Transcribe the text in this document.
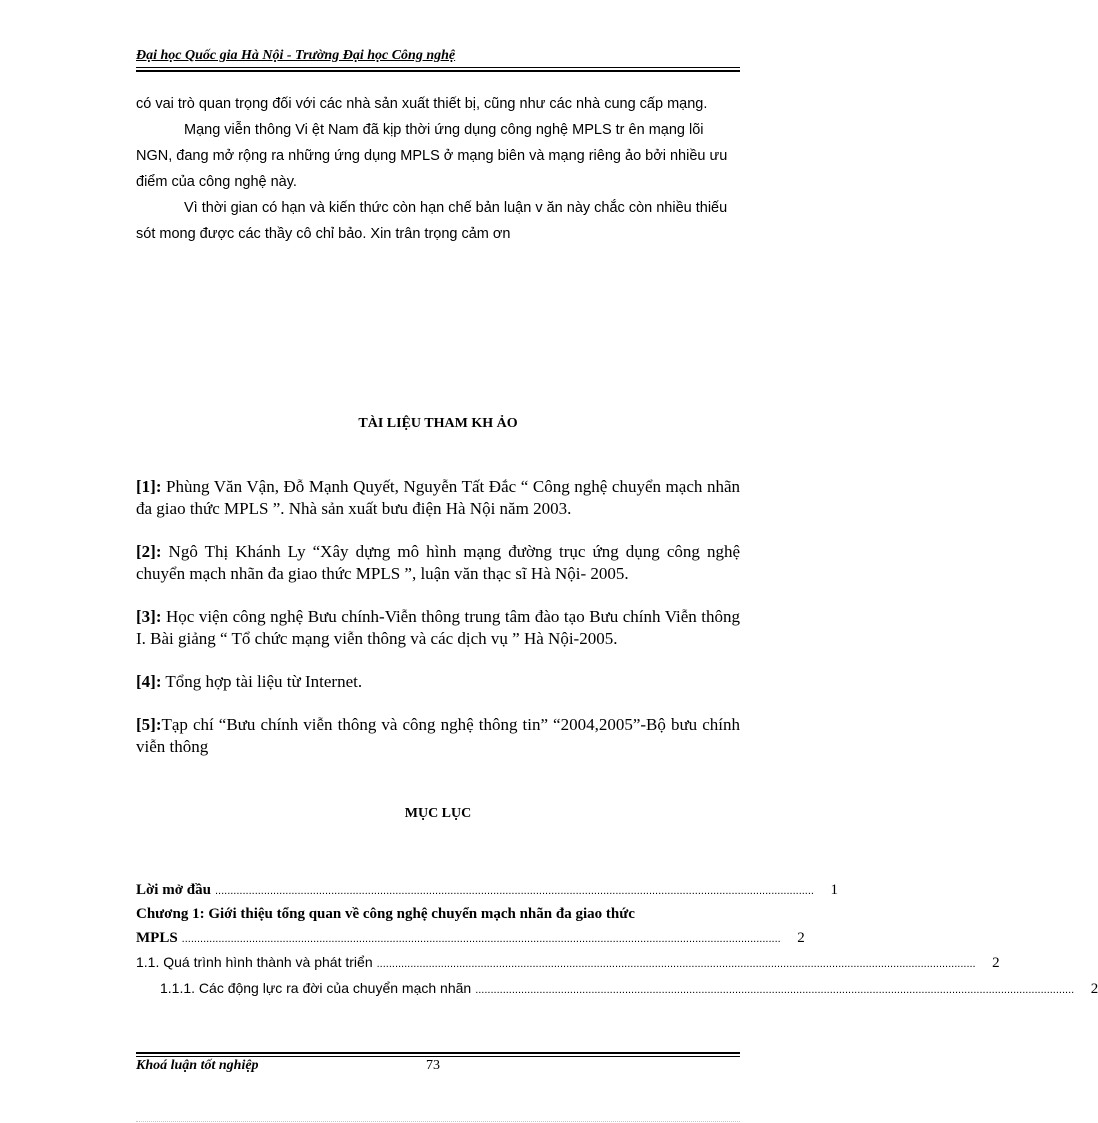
Đại học Quốc gia Hà Nội - Trường Đại học Công nghệ

có vai trò quan trọng đối với các nhà sản xuất thiết bị, cũng như các nhà cung cấp mạng.

Mạng viễn thông Vi ệt Nam đã kịp thời ứng dụng công nghệ MPLS tr ên mạng lõi NGN, đang mở rộng ra những ứng dụng MPLS ở mạng biên và mạng riêng ảo bởi nhiều ưu điểm của công nghệ này.

Vì thời gian có hạn và kiến thức còn hạn chế bản luận v ăn này chắc còn nhiều thiếu sót mong được các thầy cô chỉ bảo. Xin trân trọng cảm ơn

TÀI LIỆU THAM KH ẢO

[1]: Phùng Văn Vận, Đỗ Mạnh Quyết, Nguyễn Tất Đắc “ Công nghệ chuyển mạch nhãn đa giao thức MPLS ”. Nhà sản xuất bưu điện Hà Nội năm 2003.

[2]: Ngô Thị Khánh Ly “Xây dựng mô hình mạng đường trục ứng dụng công nghệ chuyển mạch nhãn đa giao thức MPLS ”, luận văn thạc sĩ Hà Nội- 2005.

[3]: Học viện công nghệ Bưu chính-Viễn thông trung tâm đào tạo Bưu chính Viễn thông I. Bài giảng “ Tổ chức mạng viễn thông và các dịch vụ ” Hà Nội-2005.

[4]: Tổng hợp tài liệu từ Internet.

[5]:Tạp chí “Bưu chính viễn thông và công nghệ thông tin” “2004,2005”-Bộ bưu chính viễn thông

MỤC LỤC
Lời mở đầu ....................................................................................................................................................................................................	1
Chương 1: Giới thiệu tổng quan về công nghệ chuyển mạch nhãn đa giao thức
MPLS ....................................................................................................................................................................................................	2
1.1. Quá trình hình thành và phát triển ....................................................................................................................................................................................................	2
1.1.1. Các động lực ra đời của chuyển mạch nhãn ....................................................................................................................................................................................................	2
Khoá luận tốt nghiệp	73
